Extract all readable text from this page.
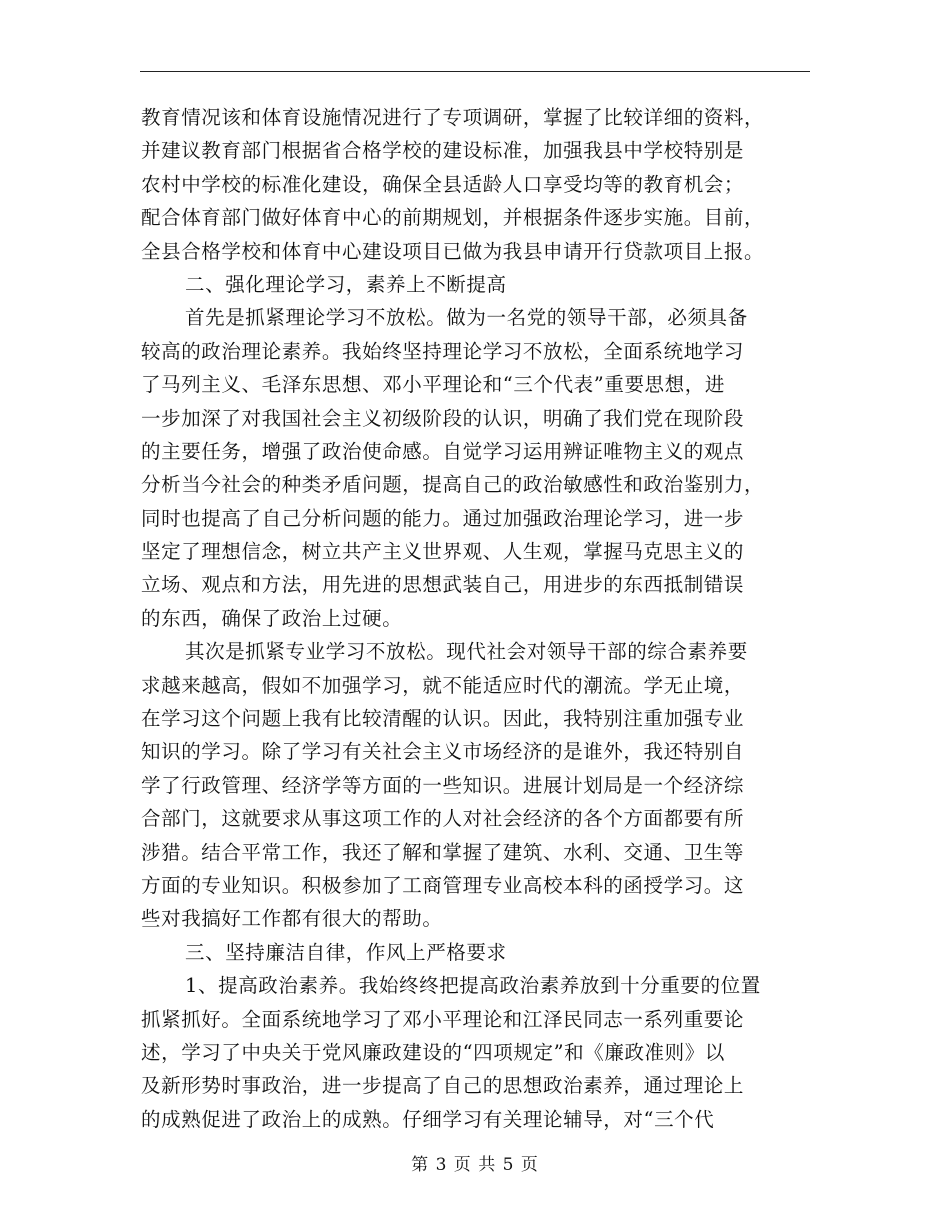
教育情况该和体育设施情况进行了专项调研，掌握了比较详细的资料，
并建议教育部门根据省合格学校的建设标准，加强我县中学校特别是
农村中学校的标准化建设，确保全县适龄人口享受均等的教育机会；
配合体育部门做好体育中心的前期规划，并根据条件逐步实施。目前，
全县合格学校和体育中心建设项目已做为我县申请开行贷款项目上报。
二、强化理论学习，素养上不断提高
首先是抓紧理论学习不放松。做为一名党的领导干部，必须具备
较高的政治理论素养。我始终坚持理论学习不放松，全面系统地学习
了马列主义、毛泽东思想、邓小平理论和“三个代表”重要思想，进
一步加深了对我国社会主义初级阶段的认识，明确了我们党在现阶段
的主要任务，增强了政治使命感。自觉学习运用辨证唯物主义的观点
分析当今社会的种类矛盾问题，提高自己的政治敏感性和政治鉴别力，
同时也提高了自己分析问题的能力。通过加强政治理论学习，进一步
坚定了理想信念，树立共产主义世界观、人生观，掌握马克思主义的
立场、观点和方法，用先进的思想武装自己，用进步的东西抵制错误
的东西，确保了政治上过硬。
其次是抓紧专业学习不放松。现代社会对领导干部的综合素养要
求越来越高，假如不加强学习，就不能适应时代的潮流。学无止境，
在学习这个问题上我有比较清醒的认识。因此，我特别注重加强专业
知识的学习。除了学习有关社会主义市场经济的是谁外，我还特别自
学了行政管理、经济学等方面的一些知识。进展计划局是一个经济综
合部门，这就要求从事这项工作的人对社会经济的各个方面都要有所
涉猎。结合平常工作，我还了解和掌握了建筑、水利、交通、卫生等
方面的专业知识。积极参加了工商管理专业高校本科的函授学习。这
些对我搞好工作都有很大的帮助。
三、坚持廉洁自律，作风上严格要求
1、提高政治素养。我始终终把提高政治素养放到十分重要的位置
抓紧抓好。全面系统地学习了邓小平理论和江泽民同志一系列重要论
述，学习了中央关于党风廉政建设的“四项规定”和《廉政准则》以
及新形势时事政治，进一步提高了自己的思想政治素养，通过理论上
的成熟促进了政治上的成熟。仔细学习有关理论辅导，对“三个代
第 3 页 共 5 页
